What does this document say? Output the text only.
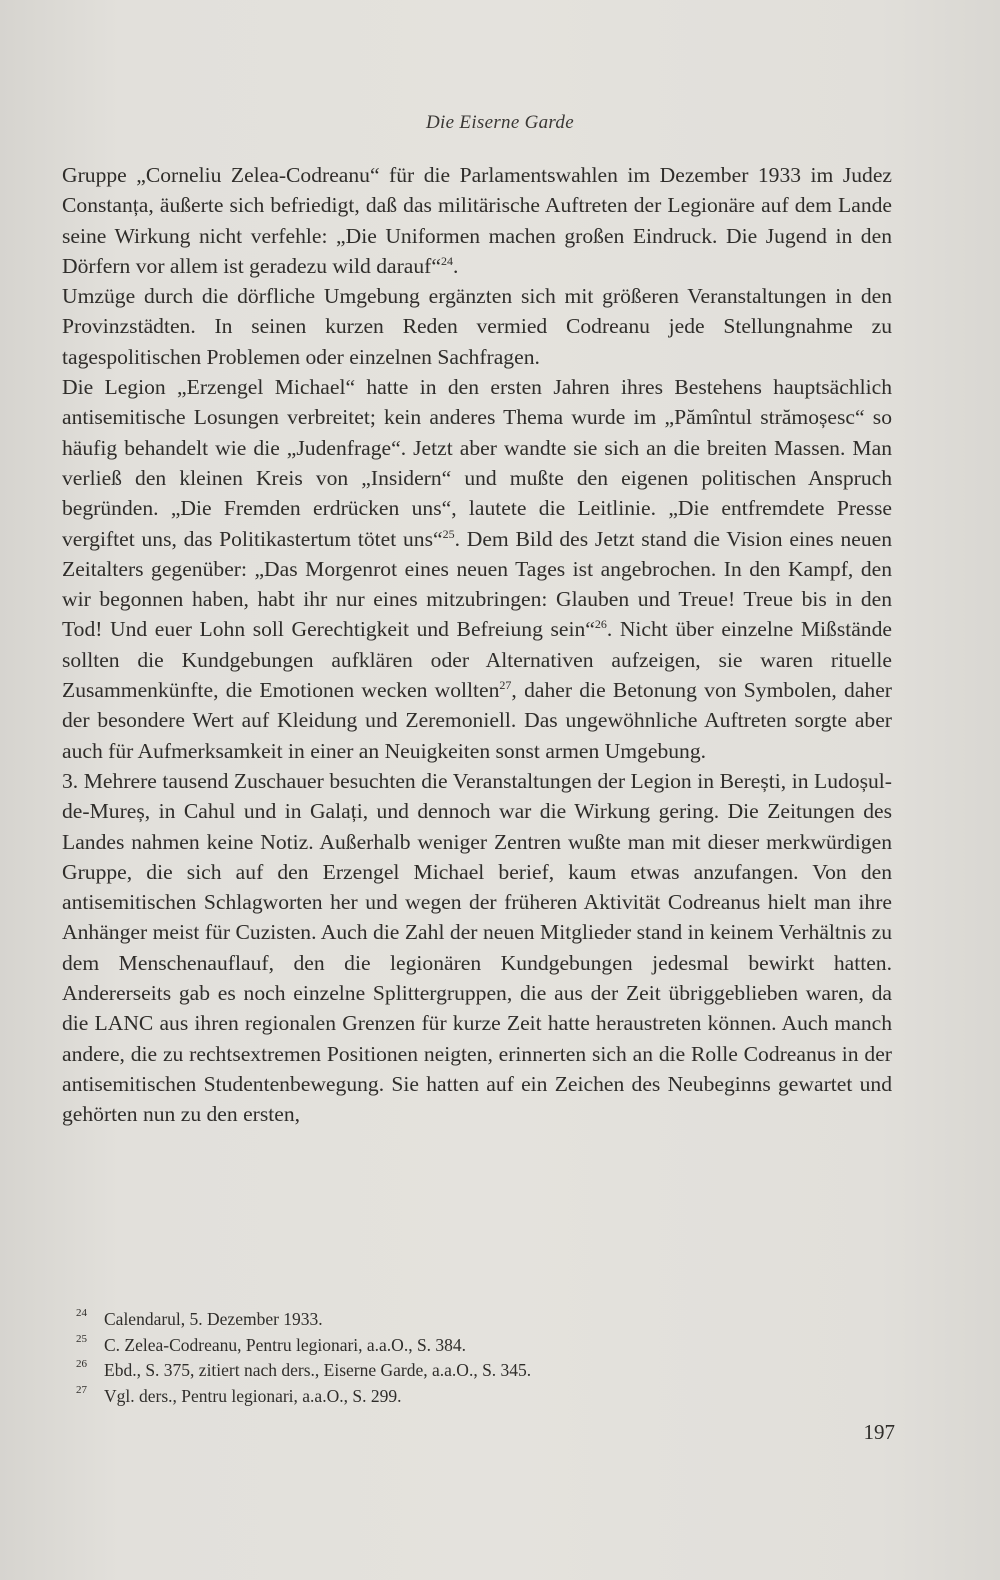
Die Eiserne Garde

Gruppe „Corneliu Zelea-Codreanu“ für die Parlamentswahlen im Dezember 1933 im Judez Constanța, äußerte sich befriedigt, daß das militärische Auftreten der Legionäre auf dem Lande seine Wirkung nicht verfehle: „Die Uniformen machen großen Eindruck. Die Jugend in den Dörfern vor allem ist geradezu wild darauf“$^{24}$.

Umzüge durch die dörfliche Umgebung ergänzten sich mit größeren Veranstaltungen in den Provinzstädten. In seinen kurzen Reden vermied Codreanu jede Stellungnahme zu tagespolitischen Problemen oder einzelnen Sachfragen.

Die Legion „Erzengel Michael“ hatte in den ersten Jahren ihres Bestehens hauptsächlich antisemitische Losungen verbreitet; kein anderes Thema wurde im „Pămîntul strămoșesc“ so häufig behandelt wie die „Judenfrage“. Jetzt aber wandte sie sich an die breiten Massen. Man verließ den kleinen Kreis von „Insidern“ und mußte den eigenen politischen Anspruch begründen. „Die Fremden erdrücken uns“, lautete die Leitlinie. „Die entfremdete Presse vergiftet uns, das Politikastertum tötet uns“$^{25}$. Dem Bild des Jetzt stand die Vision eines neuen Zeitalters gegenüber: „Das Morgenrot eines neuen Tages ist angebrochen. In den Kampf, den wir begonnen haben, habt ihr nur eines mitzubringen: Glauben und Treue! Treue bis in den Tod! Und euer Lohn soll Gerechtigkeit und Befreiung sein“$^{26}$. Nicht über einzelne Mißstände sollten die Kundgebungen aufklären oder Alternativen aufzeigen, sie waren rituelle Zusammenkünfte, die Emotionen wecken wollten$^{27}$, daher die Betonung von Symbolen, daher der besondere Wert auf Kleidung und Zeremoniell. Das ungewöhnliche Auftreten sorgte aber auch für Aufmerksamkeit in einer an Neuigkeiten sonst armen Umgebung.

3. Mehrere tausend Zuschauer besuchten die Veranstaltungen der Legion in Berești, in Ludoșul-de-Mureș, in Cahul und in Galați, und dennoch war die Wirkung gering. Die Zeitungen des Landes nahmen keine Notiz. Außerhalb weniger Zentren wußte man mit dieser merkwürdigen Gruppe, die sich auf den Erzengel Michael berief, kaum etwas anzufangen. Von den antisemitischen Schlagworten her und wegen der früheren Aktivität Codreanus hielt man ihre Anhänger meist für Cuzisten. Auch die Zahl der neuen Mitglieder stand in keinem Verhältnis zu dem Menschenauflauf, den die legionären Kundgebungen jedesmal bewirkt hatten. Andererseits gab es noch einzelne Splittergruppen, die aus der Zeit übriggeblieben waren, da die LANC aus ihren regionalen Grenzen für kurze Zeit hatte heraustreten können. Auch manch andere, die zu rechtsextremen Positionen neigten, erinnerten sich an die Rolle Codreanus in der antisemitischen Studentenbewegung. Sie hatten auf ein Zeichen des Neubeginns gewartet und gehörten nun zu den ersten,

24 Calendarul, 5. Dezember 1933.

25 C. Zelea-Codreanu, Pentru legionari, a.a.O., S. 384.

26 Ebd., S. 375, zitiert nach ders., Eiserne Garde, a.a.O., S. 345.

27 Vgl. ders., Pentru legionari, a.a.O., S. 299.

197
